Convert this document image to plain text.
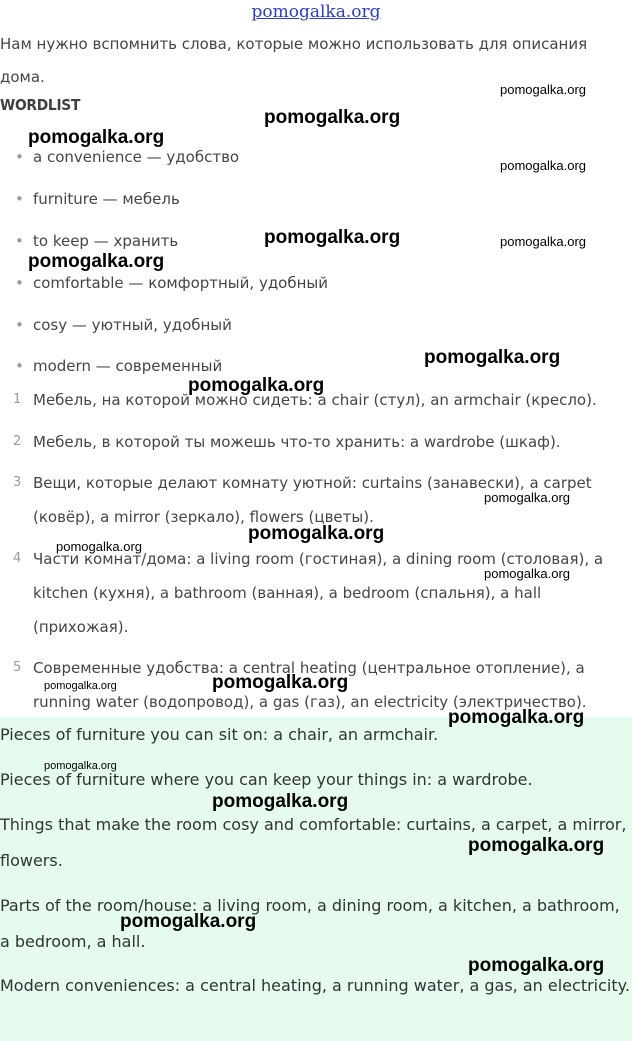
pomogalka.org
Нам нужно вспомнить слова, которые можно использовать для описания дома.
WORDLIST
• a convenience — удобство
• furniture — мебель
• to keep — хранить
• comfortable — комфортный, удобный
• cosy — уютный, удобный
• modern — современный
1 Мебель, на которой можно сидеть: a chair (стул), an armchair (кресло).
2 Мебель, в которой ты можешь что-то хранить: a wardrobe (шкаф).
3 Вещи, которые делают комнату уютной: curtains (занавески), a carpet (ковёр), a mirror (зеркало), flowers (цветы).
4 Части комнат/дома: a living room (гостиная), a dining room (столовая), a kitchen (кухня), a bathroom (ванная), a bedroom (спальня), a hall (прихожая).
5 Современные удобства: a central heating (центральное отопление), a running water (водопровод), a gas (газ), an electricity (электричество).
Pieces of furniture you can sit on: a chair, an armchair.
Pieces of furniture where you can keep your things in: a wardrobe.
Things that make the room cosy and comfortable: curtains, a carpet, a mirror, flowers.
Parts of the room/house: a living room, a dining room, a kitchen, a bathroom, a bedroom, a hall.
Modern conveniences: a central heating, a running water, a gas, an electricity.
pomogalka.org
pomogalka.org
pomogalka.org
pomogalka.org
pomogalka.org	pomogalka.org
pomogalka.org
pomogalka.org
pomogalka.org
pomogalka.org
pomogalka.org
pomogalka.org
pomogalka.org
pomogalka.org
pomogalka.org
pomogalka.org
pomogalka.org
pomogalka.org
pomogalka.org
pomogalka.org
pomogalka.org
